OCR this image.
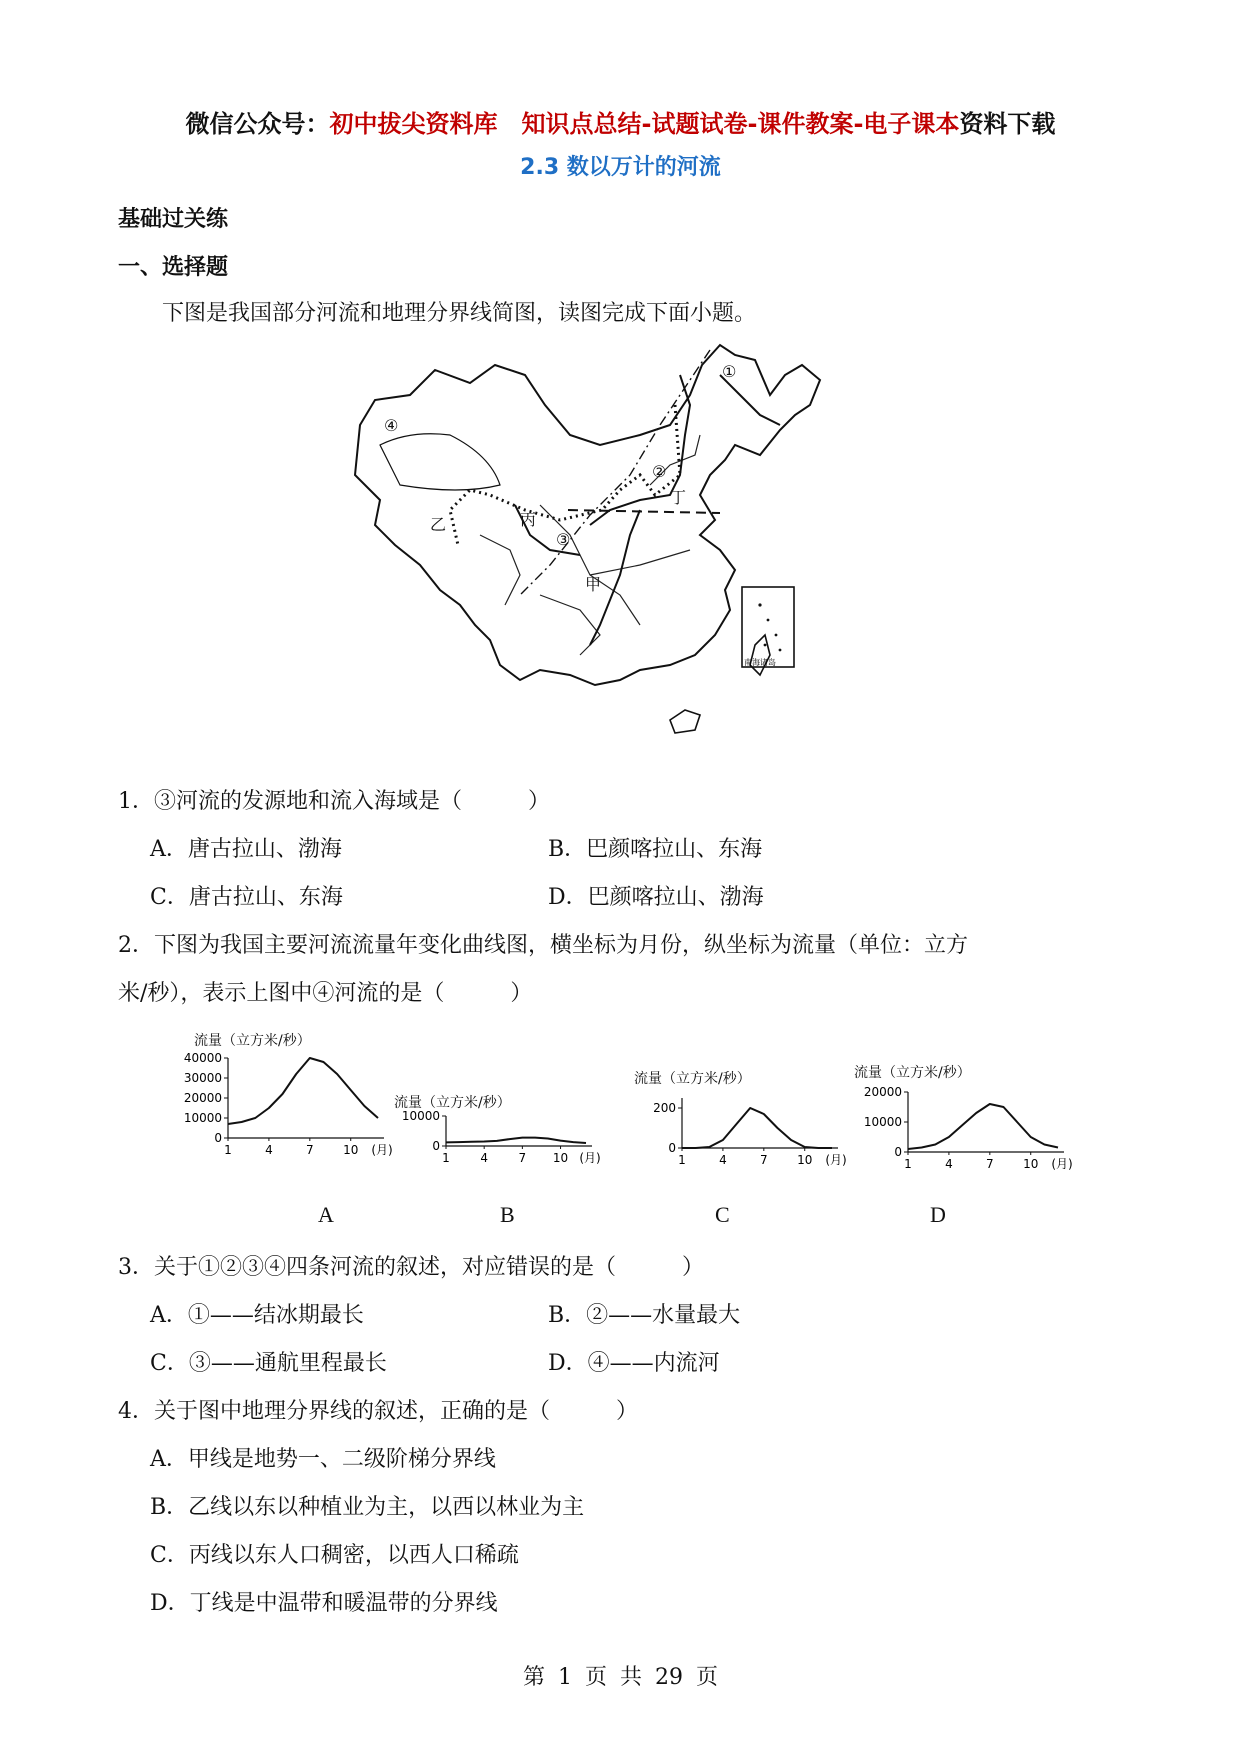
微信公众号：初中拔尖资料库　知识点总结-试题试卷-课件教案-电子课本资料下载
2.3 数以万计的河流
基础过关练
一、选择题
下图是我国部分河流和地理分界线简图，读图完成下面小题。
南海诸岛
①
②
③
④
甲
乙	丙
丁
1．③河流的发源地和流入海域是（　　　）
A．唐古拉山、渤海	B．巴颜喀拉山、东海
C．唐古拉山、东海	D．巴颜喀拉山、渤海
2．下图为我国主要河流流量年变化曲线图，横坐标为月份，纵坐标为流量（单位：立方
米/秒），表示上图中④河流的是（　　　）
流量（立方米/秒）
40000
30000
20000
10000
0
1	4	7 10 (月)
流量（立方米/秒）
10000
0
1	4	7 10 (月)
流量（立方米/秒）
200
0
1	4	7 10 (月)
流量（立方米/秒）
20000
10000
0
1	4	7 10 (月)
A	B	C	D
3．关于①②③④四条河流的叙述，对应错误的是（　　　）
A．①——结冰期最长	B．②——水量最大
C．③——通航里程最长	D．④——内流河
4．关于图中地理分界线的叙述，正确的是（　　　）
A．甲线是地势一、二级阶梯分界线
B．乙线以东以种植业为主，以西以林业为主
C．丙线以东人口稠密，以西人口稀疏
D．丁线是中温带和暖温带的分界线
第 1 页 共 29 页
